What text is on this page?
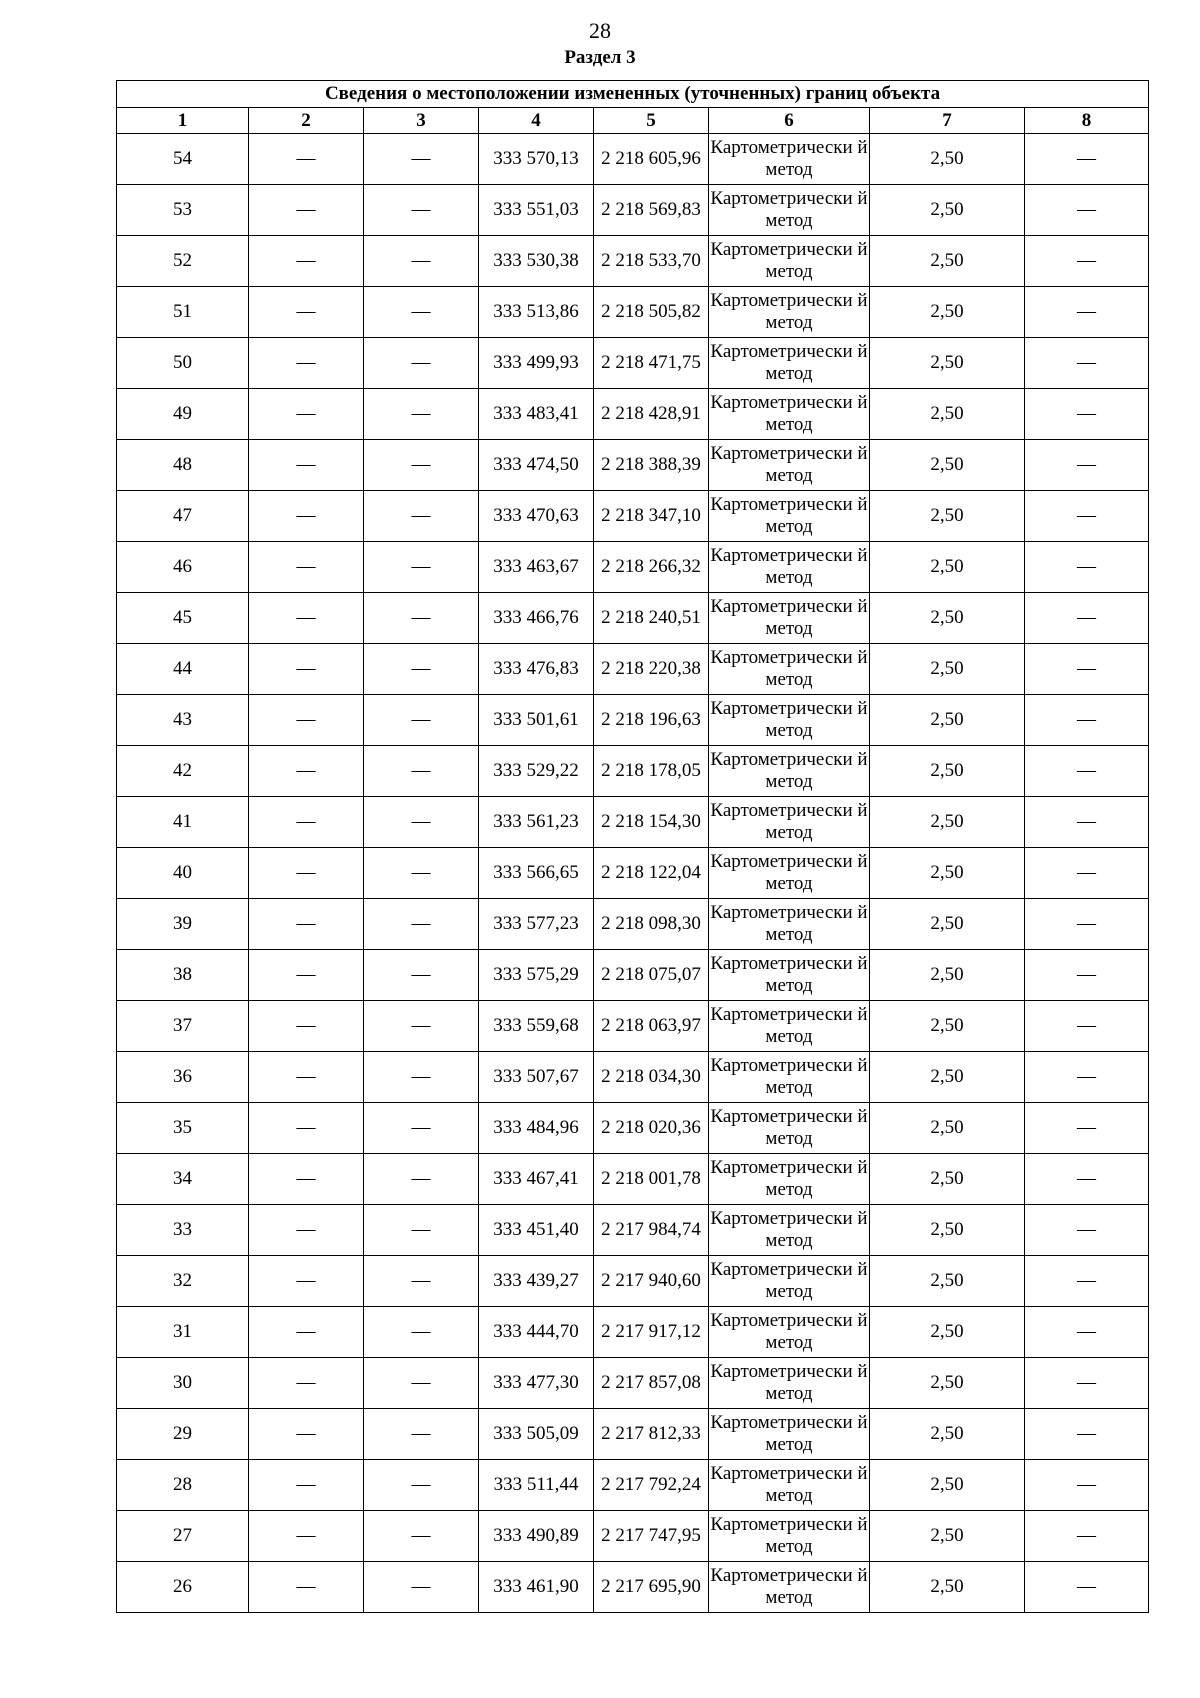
28
Раздел 3
Сведения о местоположении измененных (уточненных) границ объекта							
1	2	3	4	5	6	7	8
54	—	—	333 570,13	2 218 605,96	Картометрически й метод	2,50	—
53	—	—	333 551,03	2 218 569,83	Картометрически й метод	2,50	—
52	—	—	333 530,38	2 218 533,70	Картометрически й метод	2,50	—
51	—	—	333 513,86	2 218 505,82	Картометрически й метод	2,50	—
50	—	—	333 499,93	2 218 471,75	Картометрически й метод	2,50	—
49	—	—	333 483,41	2 218 428,91	Картометрически й метод	2,50	—
48	—	—	333 474,50	2 218 388,39	Картометрически й метод	2,50	—
47	—	—	333 470,63	2 218 347,10	Картометрически й метод	2,50	—
46	—	—	333 463,67	2 218 266,32	Картометрически й метод	2,50	—
45	—	—	333 466,76	2 218 240,51	Картометрически й метод	2,50	—
44	—	—	333 476,83	2 218 220,38	Картометрически й метод	2,50	—
43	—	—	333 501,61	2 218 196,63	Картометрически й метод	2,50	—
42	—	—	333 529,22	2 218 178,05	Картометрически й метод	2,50	—
41	—	—	333 561,23	2 218 154,30	Картометрически й метод	2,50	—
40	—	—	333 566,65	2 218 122,04	Картометрически й метод	2,50	—
39	—	—	333 577,23	2 218 098,30	Картометрически й метод	2,50	—
38	—	—	333 575,29	2 218 075,07	Картометрически й метод	2,50	—
37	—	—	333 559,68	2 218 063,97	Картометрически й метод	2,50	—
36	—	—	333 507,67	2 218 034,30	Картометрически й метод	2,50	—
35	—	—	333 484,96	2 218 020,36	Картометрически й метод	2,50	—
34	—	—	333 467,41	2 218 001,78	Картометрически й метод	2,50	—
33	—	—	333 451,40	2 217 984,74	Картометрически й метод	2,50	—
32	—	—	333 439,27	2 217 940,60	Картометрически й метод	2,50	—
31	—	—	333 444,70	2 217 917,12	Картометрически й метод	2,50	—
30	—	—	333 477,30	2 217 857,08	Картометрически й метод	2,50	—
29	—	—	333 505,09	2 217 812,33	Картометрически й метод	2,50	—
28	—	—	333 511,44	2 217 792,24	Картометрически й метод	2,50	—
27	—	—	333 490,89	2 217 747,95	Картометрически й метод	2,50	—
26	—	—	333 461,90	2 217 695,90	Картометрически й метод	2,50	—
